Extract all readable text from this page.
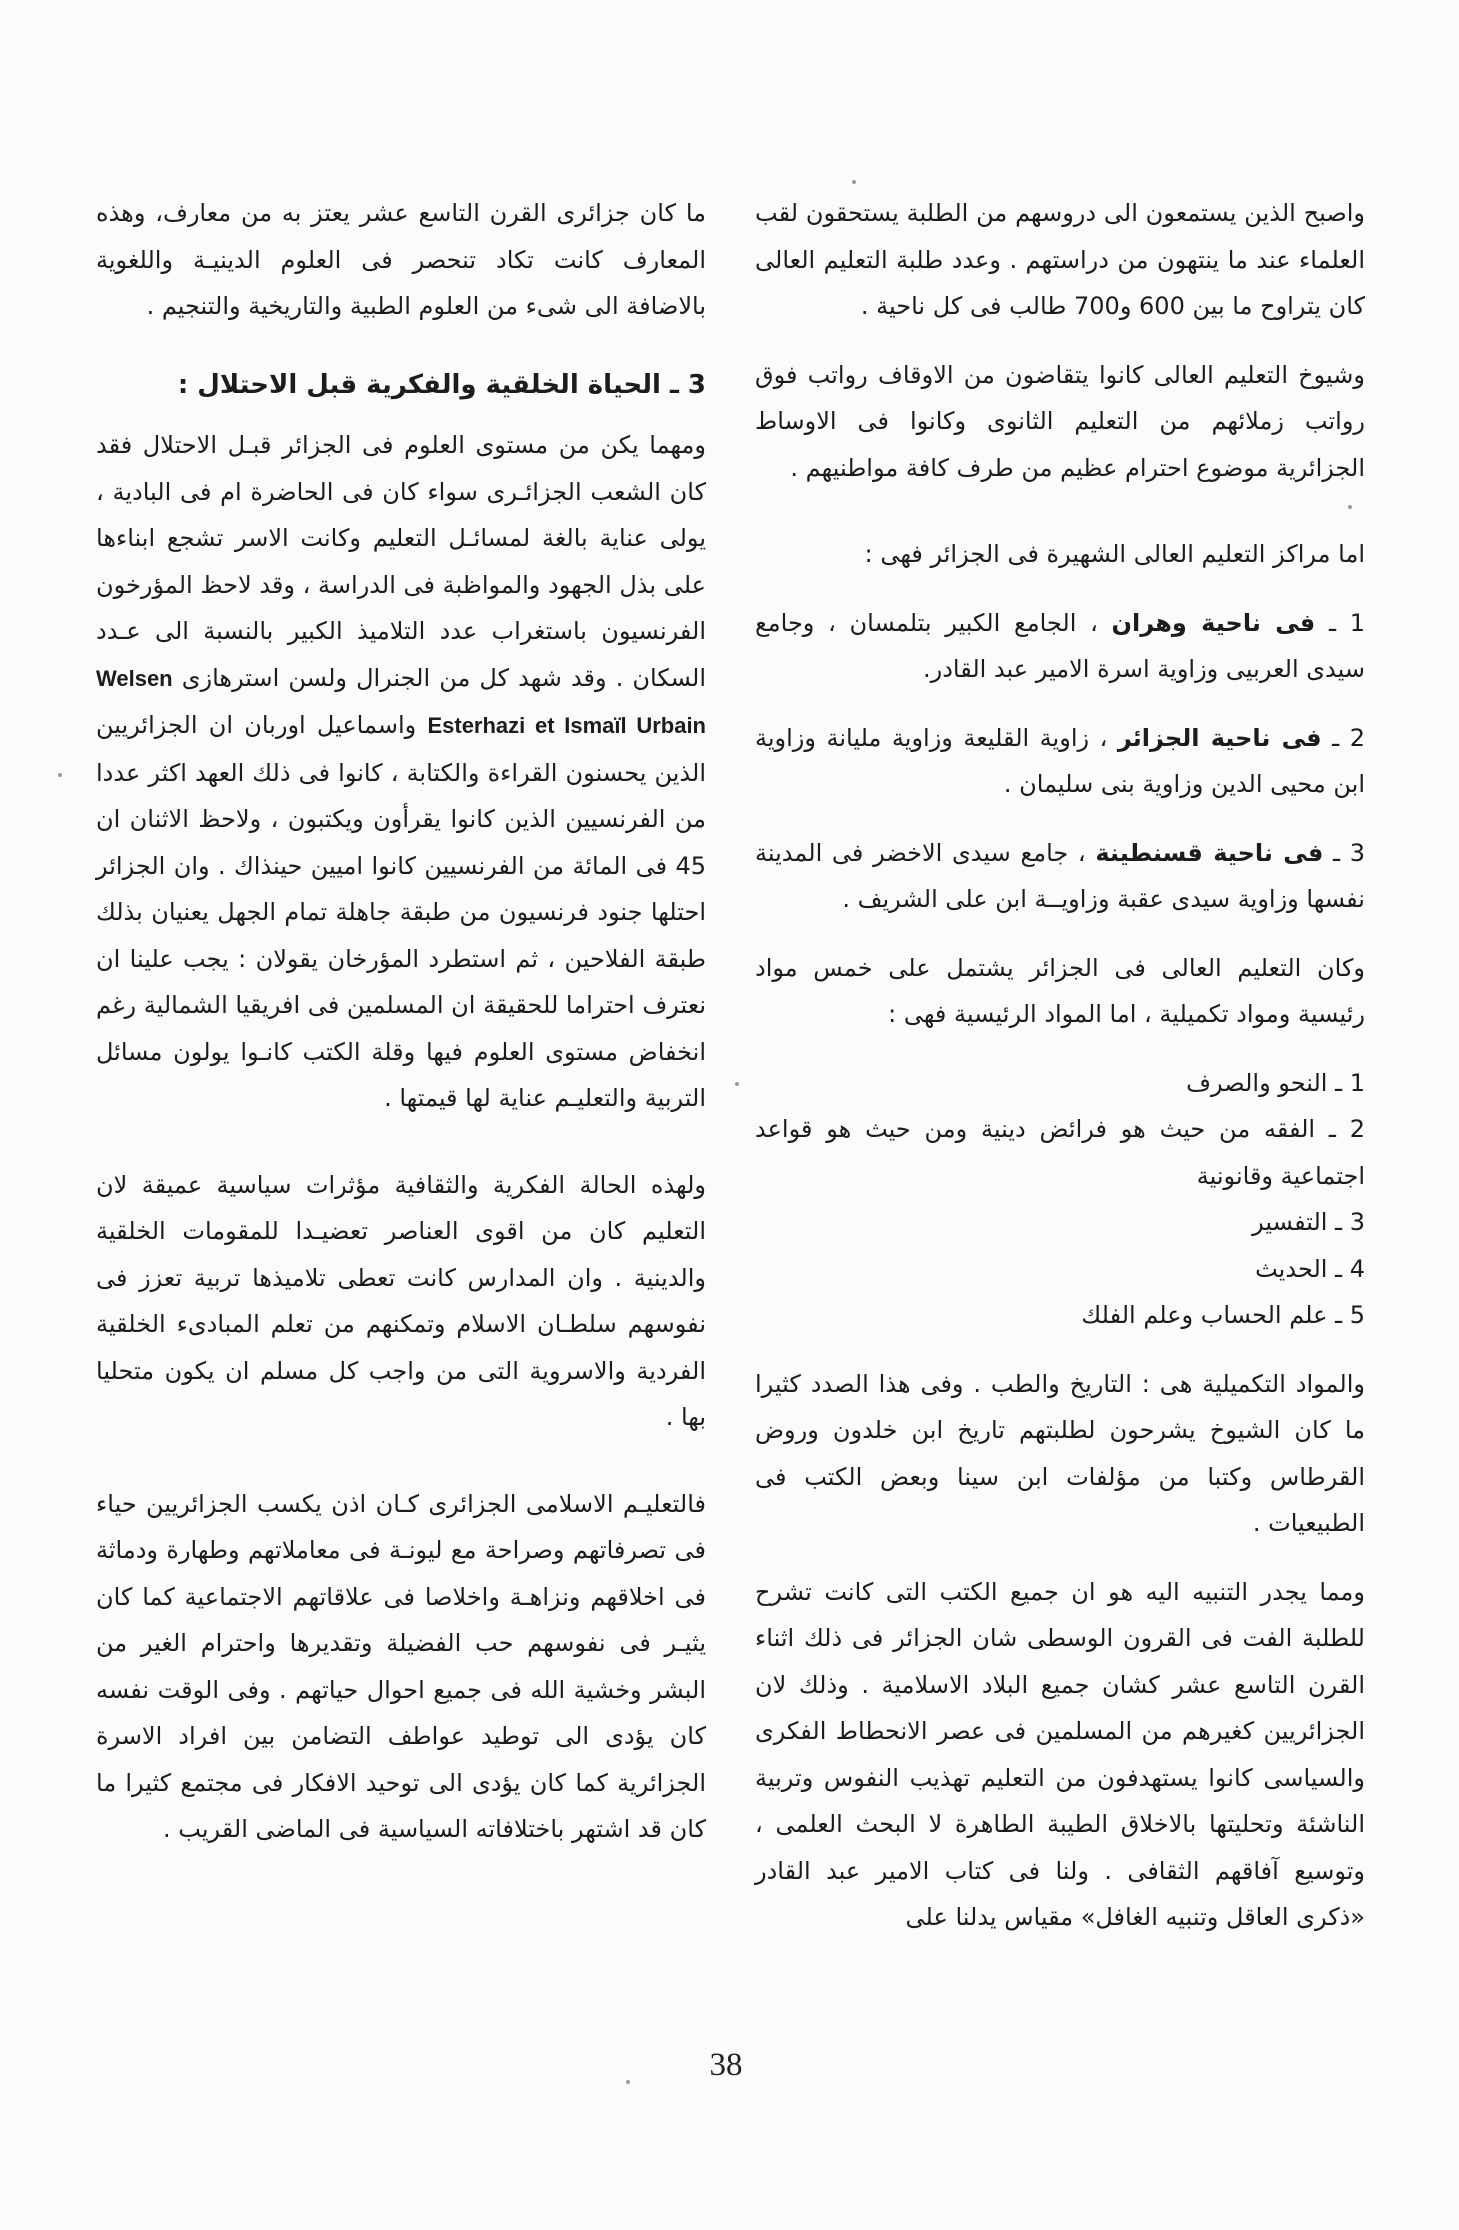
واصبح الذين يستمعون الى دروسهم من الطلبة يستحقون لقب العلماء عند ما ينتهون من دراستهم . وعدد طلبة التعليم العالى كان يتراوح ما بين 600 و700 طالب فى كل ناحية .

وشيوخ التعليم العالى كانوا يتقاضون من الاوقاف رواتب فوق رواتب زملائهم من التعليم الثانوى وكانوا فى الاوساط الجزائرية موضوع احترام عظيم من طرف كافة مواطنيهم .

اما مراكز التعليم العالى الشهيرة فى الجزائر فهى :

1 ـ فى ناحية وهران ، الجامع الكبير بتلمسان ، وجامع سيدى العربيى وزاوية اسرة الامير عبد القادر.

2 ـ فى ناحية الجزائر ، زاوية القليعة وزاوية مليانة وزاوية ابن محيى الدين وزاوية بنى سليمان .

3 ـ فى ناحية قسنطينة ، جامع سيدى الاخضر فى المدينة نفسها وزاوية سيدى عقبة وزاويــة ابن على الشريف .

وكان التعليم العالى فى الجزائر يشتمل على خمس مواد رئيسية ومواد تكميلية ، اما المواد الرئيسية فهى :

1 ـ النحو والصرف

2 ـ الفقه من حيث هو فرائض دينية ومن حيث هو قواعد اجتماعية وقانونية

3 ـ التفسير

4 ـ الحديث

5 ـ علم الحساب وعلم الفلك

والمواد التكميلية هى : التاريخ والطب . وفى هذا الصدد كثيرا ما كان الشيوخ يشرحون لطلبتهم تاريخ ابن خلدون وروض القرطاس وكتبا من مؤلفات ابن سينا وبعض الكتب فى الطبيعيات .

ومما يجدر التنبيه اليه هو ان جميع الكتب التى كانت تشرح للطلبة الفت فى القرون الوسطى شان الجزائر فى ذلك اثناء القرن التاسع عشر كشان جميع البلاد الاسلامية . وذلك لان الجزائريين كغيرهم من المسلمين فى عصر الانحطاط الفكرى والسياسى كانوا يستهدفون من التعليم تهذيب النفوس وتربية الناشئة وتحليتها بالاخلاق الطيبة الطاهرة لا البحث العلمى ، وتوسيع آفاقهم الثقافى . ولنا فى كتاب الامير عبد القادر «ذكرى العاقل وتنبيه الغافل» مقياس يدلنا على

ما كان جزائرى القرن التاسع عشر يعتز به من معارف، وهذه المعارف كانت تكاد تنحصر فى العلوم الدينيـة واللغوية بالاضافة الى شىء من العلوم الطبية والتاريخية والتنجيم .

3 ـ الحياة الخلقية والفكرية قبل الاحتلال :

ومهما يكن من مستوى العلوم فى الجزائر قبـل الاحتلال فقد كان الشعب الجزائـرى سواء كان فى الحاضرة ام فى البادية ، يولى عناية بالغة لمسائـل التعليم وكانت الاسر تشجع ابناءها على بذل الجهود والمواظبة فى الدراسة ، وقد لاحظ المؤرخون الفرنسيون باستغراب عدد التلاميذ الكبير بالنسبة الى عـدد السكان . وقد شهد كل من الجنرال ولسن استرهازى Welsen Esterhazi et Ismaïl Urbain واسماعيل اوربان ان الجزائريين الذين يحسنون القراءة والكتابة ، كانوا فى ذلك العهد اكثر عددا من الفرنسيين الذين كانوا يقرأون ويكتبون ، ولاحظ الاثنان ان 45 فى المائة من الفرنسيين كانوا اميين حينذاك . وان الجزائر احتلها جنود فرنسيون من طبقة جاهلة تمام الجهل يعنيان بذلك طبقة الفلاحين ، ثم استطرد المؤرخان يقولان : يجب علينا ان نعترف احتراما للحقيقة ان المسلمين فى افريقيا الشمالية رغم انخفاض مستوى العلوم فيها وقلة الكتب كانـوا يولون مسائل التربية والتعليـم عناية لها قيمتها .

ولهذه الحالة الفكرية والثقافية مؤثرات سياسية عميقة لان التعليم كان من اقوى العناصر تعضيـدا للمقومات الخلقية والدينية . وان المدارس كانت تعطى تلاميذها تربية تعزز فى نفوسهم سلطـان الاسلام وتمكنهم من تعلم المبادىء الخلقية الفردية والاسروية التى من واجب كل مسلم ان يكون متحليا بها .

فالتعليـم الاسلامى الجزائرى كـان اذن يكسب الجزائريين حياء فى تصرفاتهم وصراحة مع ليونـة فى معاملاتهم وطهارة ودماثة فى اخلاقهم ونزاهـة واخلاصا فى علاقاتهم الاجتماعية كما كان يثيـر فى نفوسهم حب الفضيلة وتقديرها واحترام الغير من البشر وخشية الله فى جميع احوال حياتهم . وفى الوقت نفسه كان يؤدى الى توطيد عواطف التضامن بين افراد الاسرة الجزائرية كما كان يؤدى الى توحيد الافكار فى مجتمع كثيرا ما كان قد اشتهر باختلافاته السياسية فى الماضى القريب .

38
